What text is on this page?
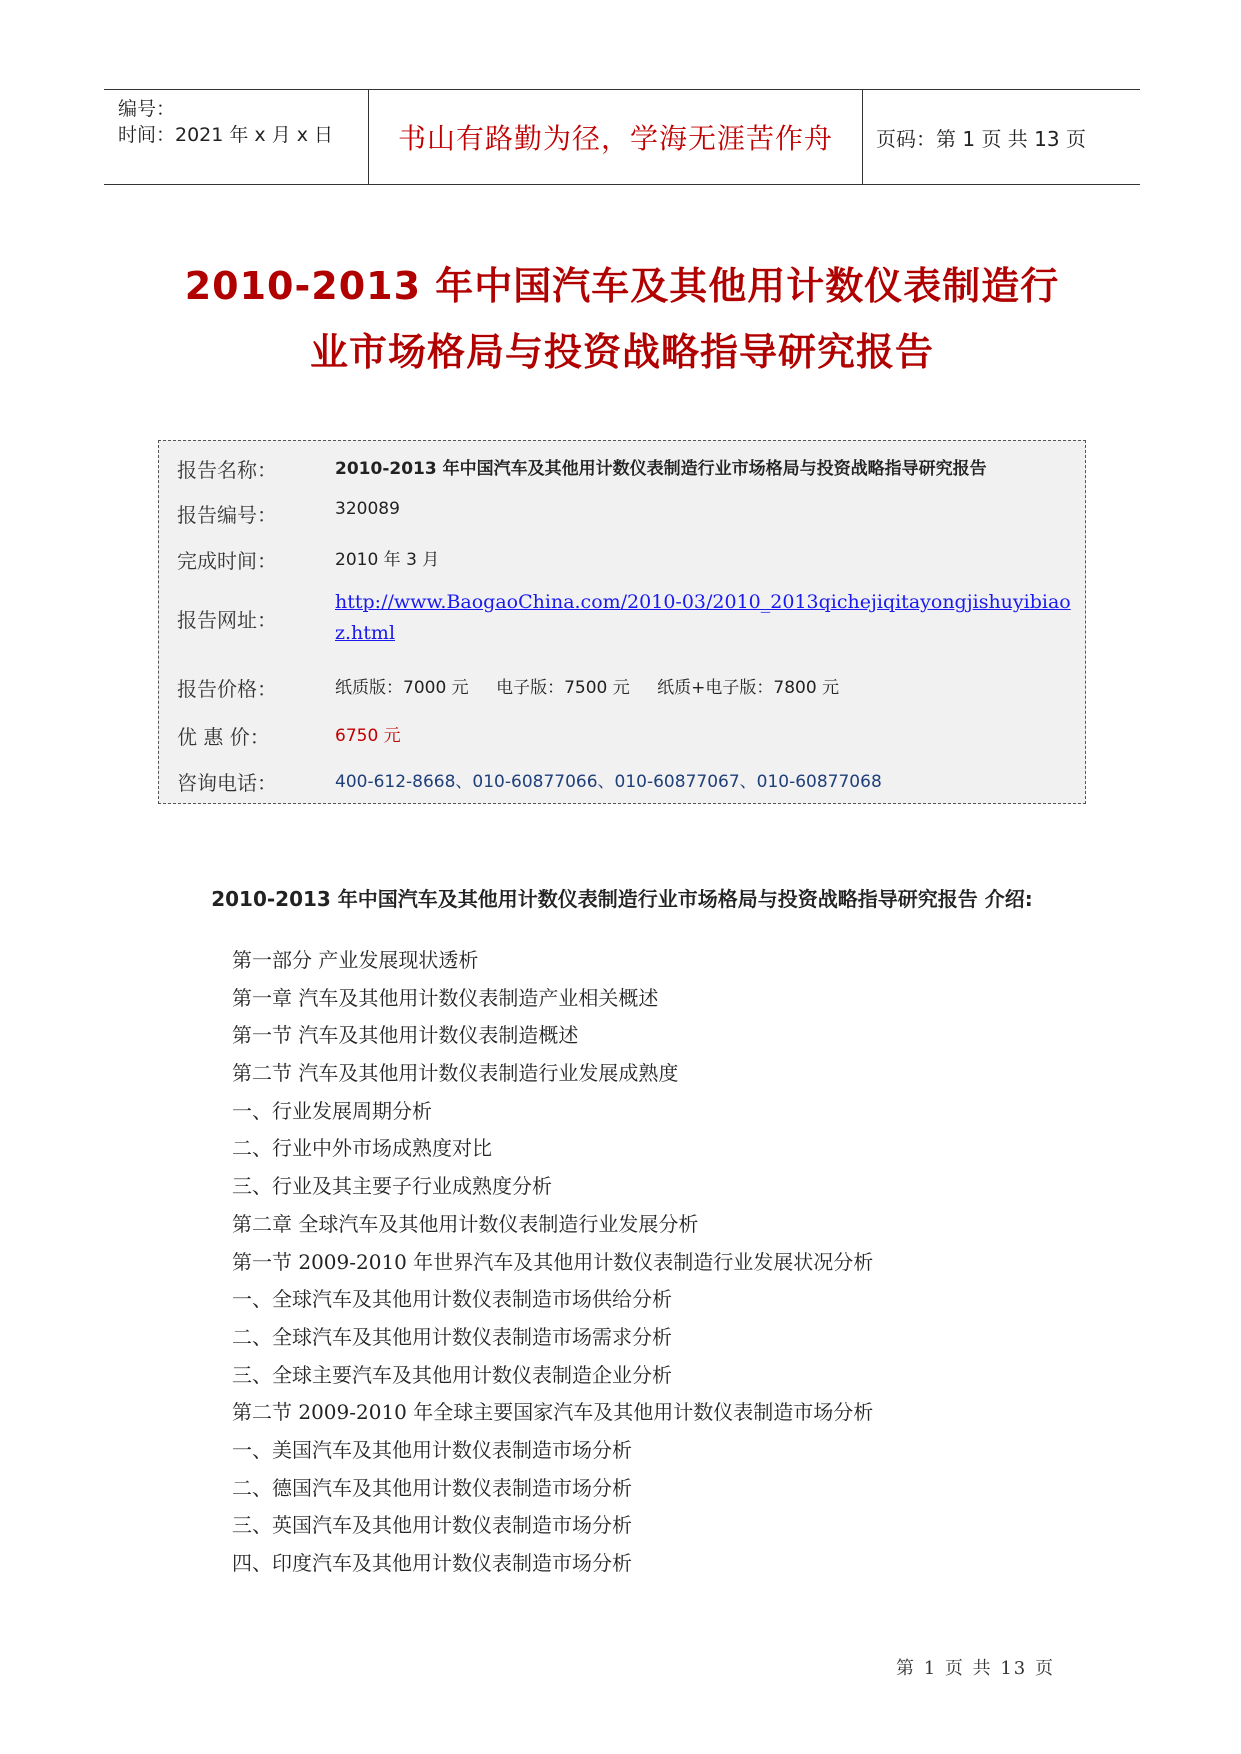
编号：
时间：2021 年 x 月 x 日 书山有路勤为径，学海无涯苦作舟 页码：第 1 页 共 13 页
2010-2013 年中国汽车及其他用计数仪表制造行
业市场格局与投资战略指导研究报告
报告名称：	2010-2013 年中国汽车及其他用计数仪表制造行业市场格局与投资战略指导研究报告
报告编号：	320089
完成时间：	2010 年 3 月
报告网址：
http://www.BaogaoChina.com/2010-03/2010_2013qichejiqitayongjishuyibiaoz.html
报告价格：	纸质版：7000 元 电子版：7500 元 纸质+电子版：7800 元
优 惠 价：	6750 元
咨询电话：	400-612-8668、010-60877066、010-60877067、010-60877068
2010-2013 年中国汽车及其他用计数仪表制造行业市场格局与投资战略指导研究报告 介绍:
第一部分 产业发展现状透析
第一章 汽车及其他用计数仪表制造产业相关概述
第一节 汽车及其他用计数仪表制造概述
第二节 汽车及其他用计数仪表制造行业发展成熟度
一、行业发展周期分析
二、行业中外市场成熟度对比
三、行业及其主要子行业成熟度分析
第二章 全球汽车及其他用计数仪表制造行业发展分析
第一节 2009-2010 年世界汽车及其他用计数仪表制造行业发展状况分析
一、全球汽车及其他用计数仪表制造市场供给分析
二、全球汽车及其他用计数仪表制造市场需求分析
三、全球主要汽车及其他用计数仪表制造企业分析
第二节 2009-2010 年全球主要国家汽车及其他用计数仪表制造市场分析
一、美国汽车及其他用计数仪表制造市场分析
二、德国汽车及其他用计数仪表制造市场分析
三、英国汽车及其他用计数仪表制造市场分析
四、印度汽车及其他用计数仪表制造市场分析
第 1 页 共 13 页
